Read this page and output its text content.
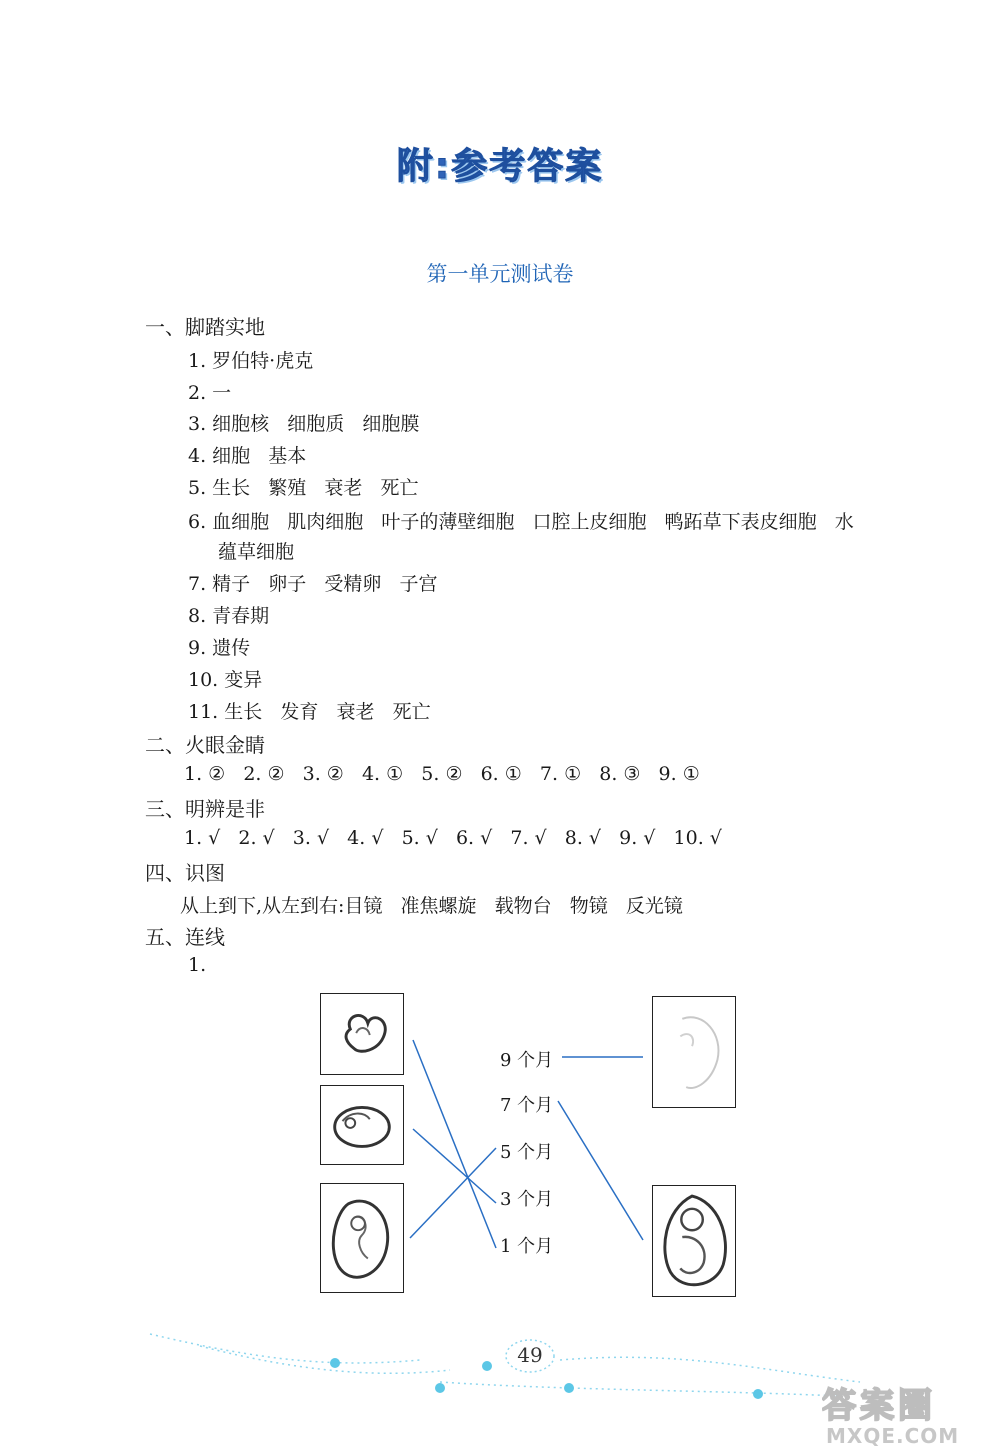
附:参考答案
第一单元测试卷
一、脚踏实地
1. 罗伯特·虎克
2. 一
3. 细胞核   细胞质   细胞膜
4. 细胞   基本
5. 生长   繁殖   衰老   死亡
6. 血细胞   肌肉细胞   叶子的薄壁细胞   口腔上皮细胞   鸭跖草下表皮细胞   水
蕴草细胞
7. 精子   卵子   受精卵   子宫
8. 青春期
9. 遗传
10. 变异
11. 生长   发育   衰老   死亡
二、火眼金睛
1. ②   2. ②   3. ②   4. ①   5. ②   6. ①   7. ①   8. ③   9. ①
三、明辨是非
1. √   2. √   3. √   4. √   5. √   6. √   7. √   8. √   9. √   10. √
四、识图
从上到下,从左到右:目镜   准焦螺旋   载物台   物镜   反光镜
五、连线
1.
9 个月
7 个月
5 个月
3 个月
1 个月
49
答案圈
MXQE.COM
